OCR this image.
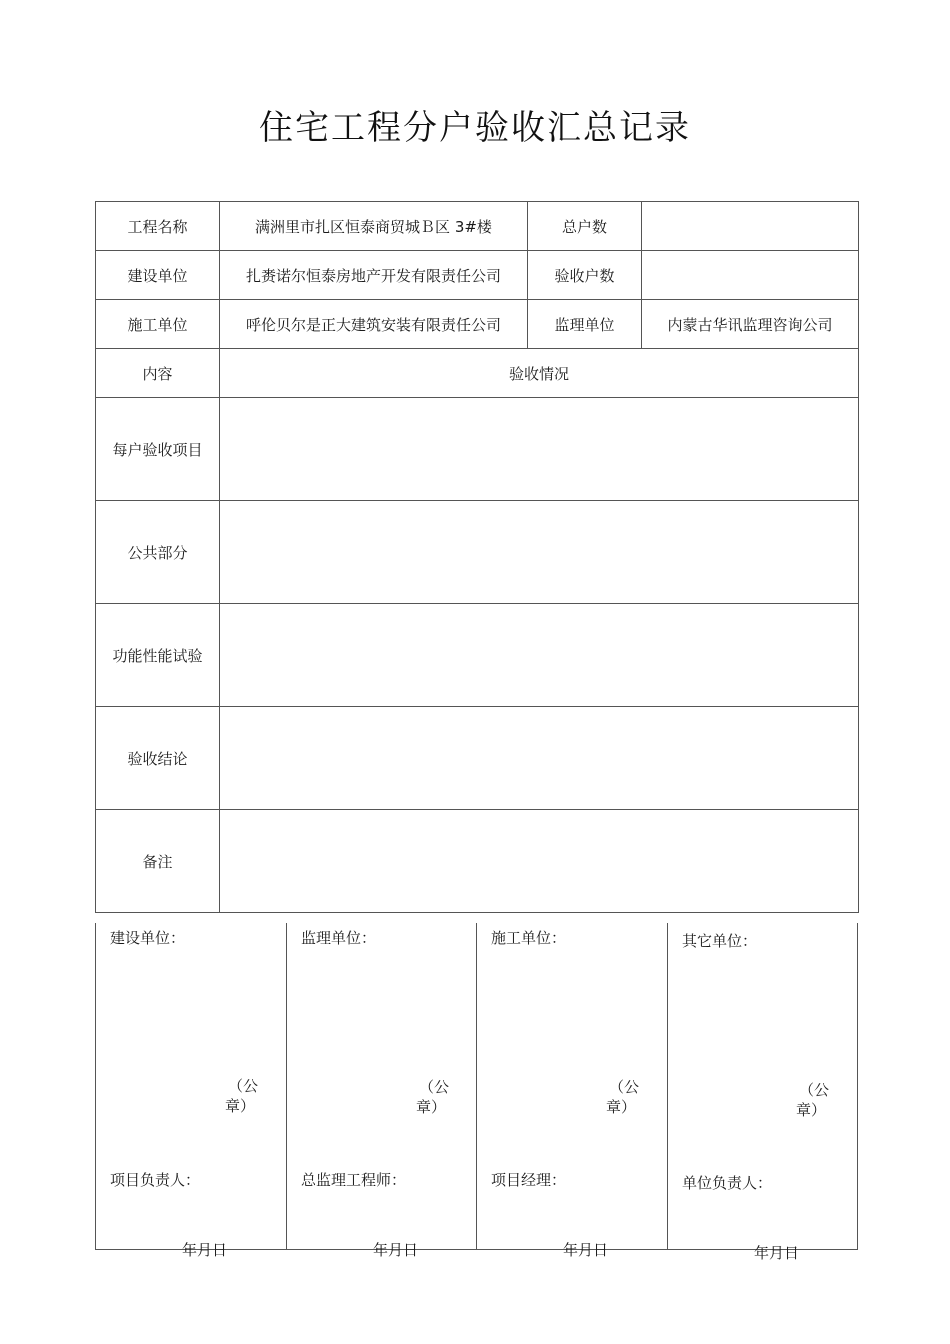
住宅工程分户验收汇总记录
工程名称	满洲里市扎区恒泰商贸城Ｂ区 3#楼	总户数	
建设单位	扎赉诺尔恒泰房地产开发有限责任公司	验收户数	
施工单位	呼伦贝尔是正大建筑安装有限责任公司	监理单位	内蒙古华讯监理咨询公司
内容	验收情况		
每户验收项目			
公共部分			
功能性能试验			
验收结论			
备注			
建设单位：
（公
章）
项目负责人：
年月日
监理单位：
（公
章）
总监理工程师：
年月日
施工单位：
（公
章）
项目经理：
年月日
其它单位：
（公
章）
单位负责人：
年月日
